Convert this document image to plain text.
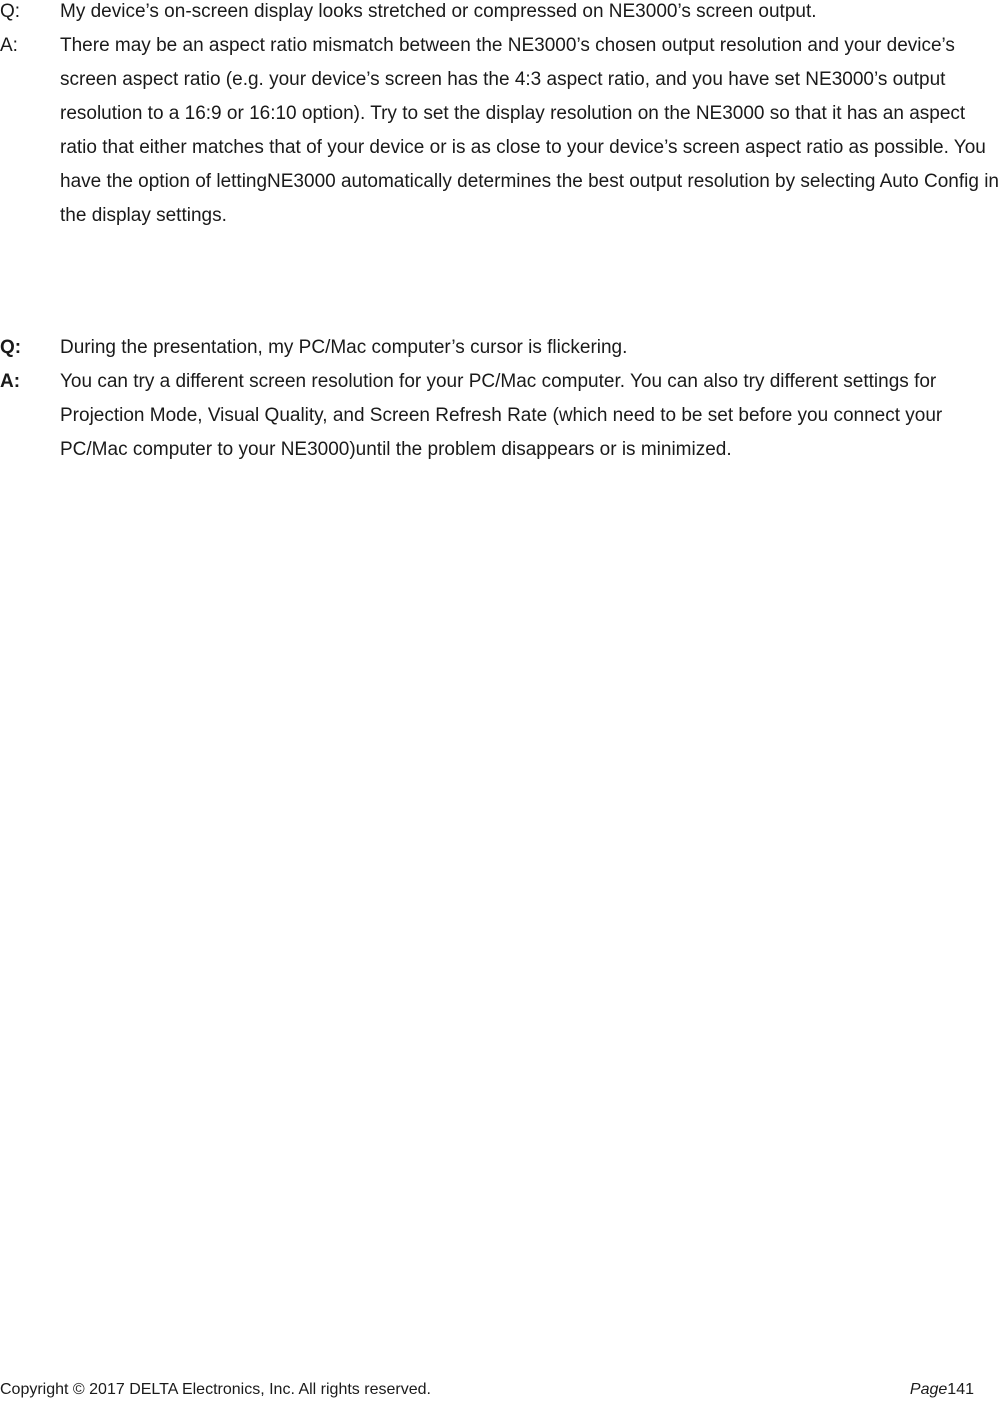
Q:	My device’s on-screen display looks stretched or compressed on NE3000’s screen output.
A:	There may be an aspect ratio mismatch between the NE3000’s chosen output resolution and your device’s screen aspect ratio (e.g. your device’s screen has the 4:3 aspect ratio, and you have set NE3000’s output resolution to a 16:9 or 16:10 option). Try to set the display resolution on the NE3000 so that it has an aspect ratio that either matches that of your device or is as close to your device’s screen aspect ratio as possible. You have the option of lettingNE3000 automatically determines the best output resolution by selecting Auto Config in the display settings.
Q:	During the presentation, my PC/Mac computer’s cursor is flickering.
A:	You can try a different screen resolution for your PC/Mac computer. You can also try different settings for Projection Mode, Visual Quality, and Screen Refresh Rate (which need to be set before you connect your PC/Mac computer to your NE3000)until the problem disappears or is minimized.
Copyright © 2017 DELTA Electronics, Inc. All rights reserved.	Page141
